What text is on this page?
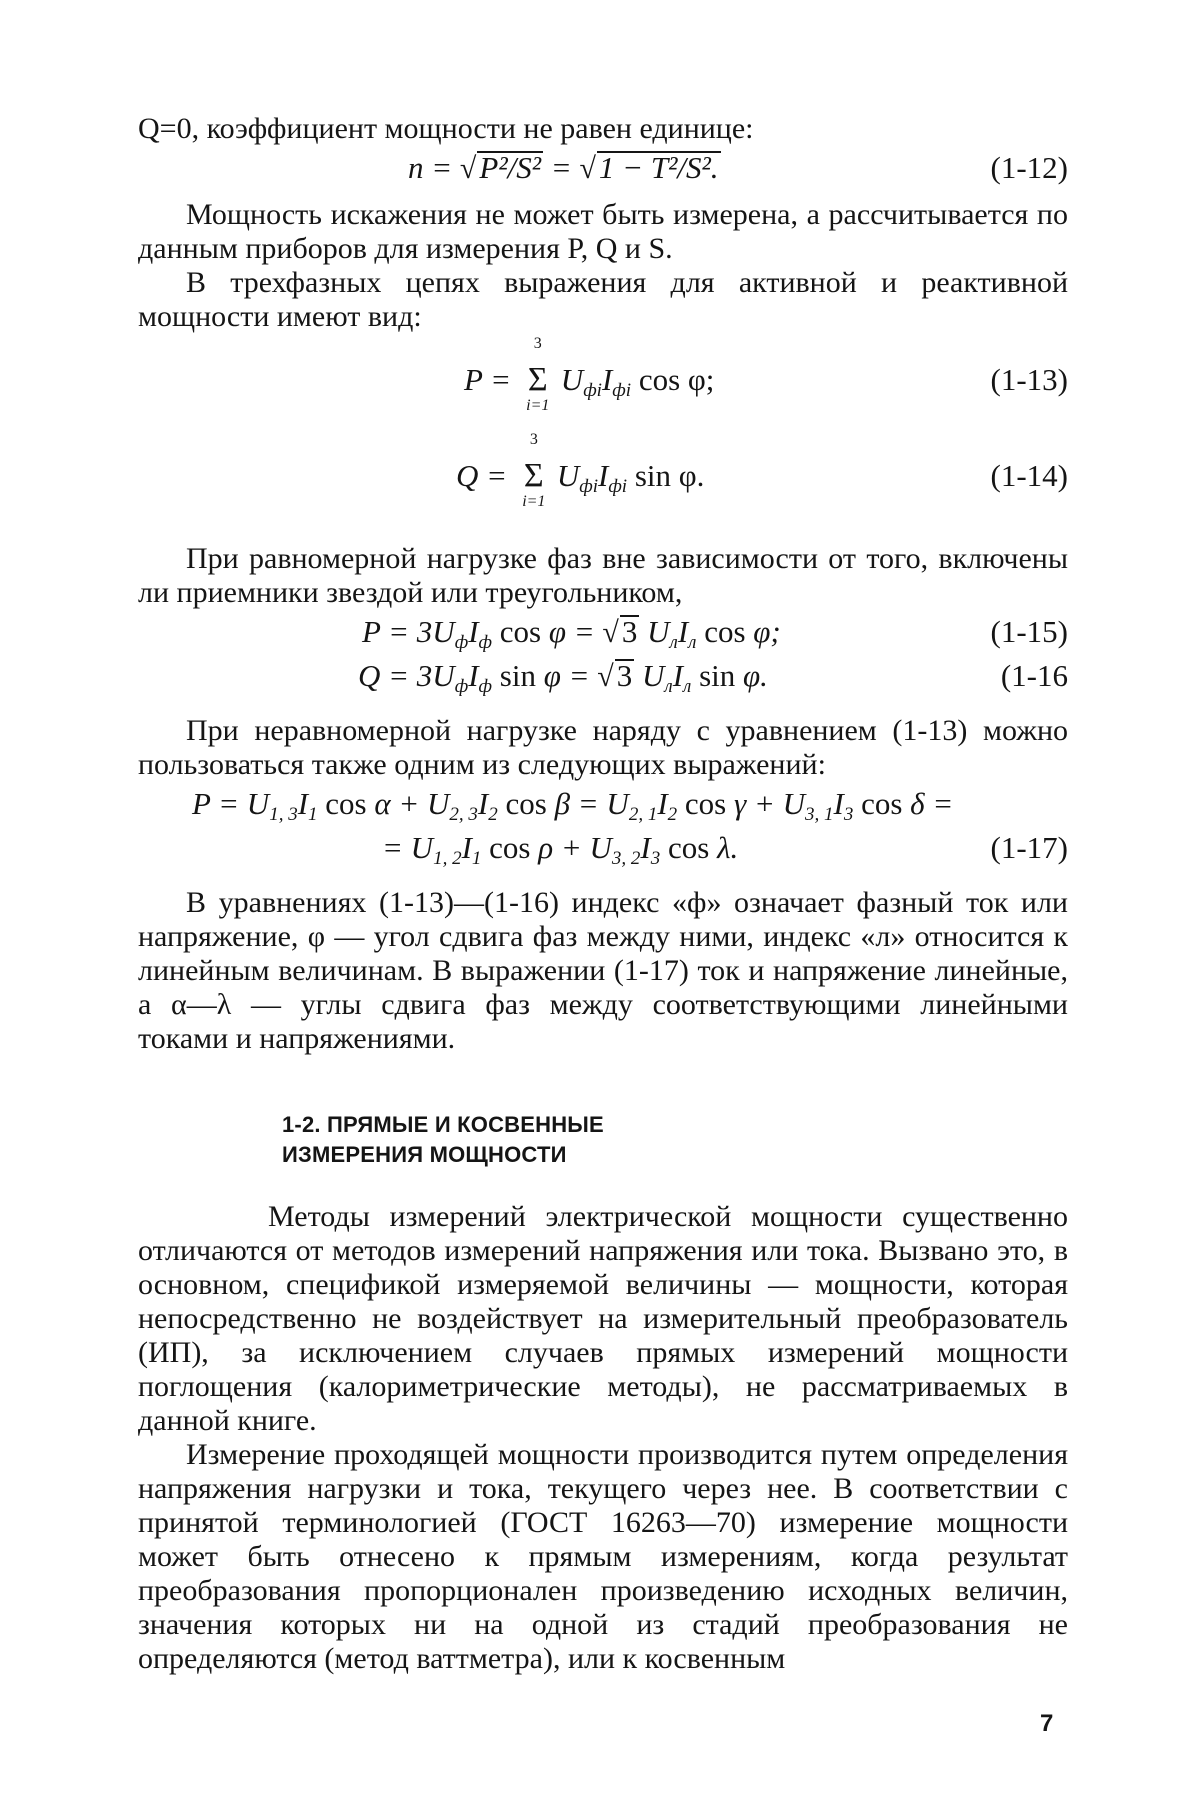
Q=0, коэффициент мощности не равен единице:

n = √P²/S² = √1 − T²/S².	(1-12)

Мощность искажения не может быть измерена, а рассчитывается по данным приборов для измерения P, Q и S.

В трехфазных цепях выражения для активной и реактивной мощности имеют вид:

P = Σ
3
i=1
$U_{фi}I_{фi}$ cos φ;	(1-13)
Q = Σ
3
i=1
$U_{фi}I_{фi}$ sin φ.	(1-14)

При равномерной нагрузке фаз вне зависимости от того, включены ли приемники звездой или треугольником,

$P = 3U_фI_ф$ cos φ = √3 $U_лI_л$ cos φ;	(1-15)
$Q = 3U_фI_ф$ sin φ = √3 $U_лI_л$ sin φ.	(1-16

При неравномерной нагрузке наряду с уравнением (1-13) можно пользоваться также одним из следующих выражений:

$P = U_{1, 3}I_1$ $\cos \alpha + U_{2, 3}I_2$ $\cos \beta = U_{2, 1}I_2$ $\cos \gamma + U_{3, 1}I_3$ cos δ =
= $U_{1, 2}I_1$ $\cos \rho + U_{3, 2}I_3$ cos λ.	(1-17)

В уравнениях (1-13)—(1-16) индекс «ф» означает фазный ток или напряжение, φ — угол сдвига фаз между ними, индекс «л» относится к линейным величинам. В выражении (1-17) ток и напряжение линейные, а α—λ — углы сдвига фаз между соответствующими линейными токами и напряжениями.

1-2. ПРЯМЫЕ И КОСВЕННЫЕ
ИЗМЕРЕНИЯ МОЩНОСТИ

Методы измерений электрической мощности существенно отличаются от методов измерений напряжения или тока. Вызвано это, в основном, спецификой измеряемой величины — мощности, которая непосредственно не воздействует на измерительный преобразователь (ИП), за исключением случаев прямых измерений мощности поглощения (калориметрические методы), не рассматриваемых в данной книге.

Измерение проходящей мощности производится путем определения напряжения нагрузки и тока, текущего через нее. В соответствии с принятой терминологией (ГОСТ 16263—70) измерение мощности может быть отнесено к прямым измерениям, когда результат преобразования пропорционален произведению исходных величин, значения которых ни на одной из стадий преобразования не определяются (метод ваттметра), или к косвенным

7
